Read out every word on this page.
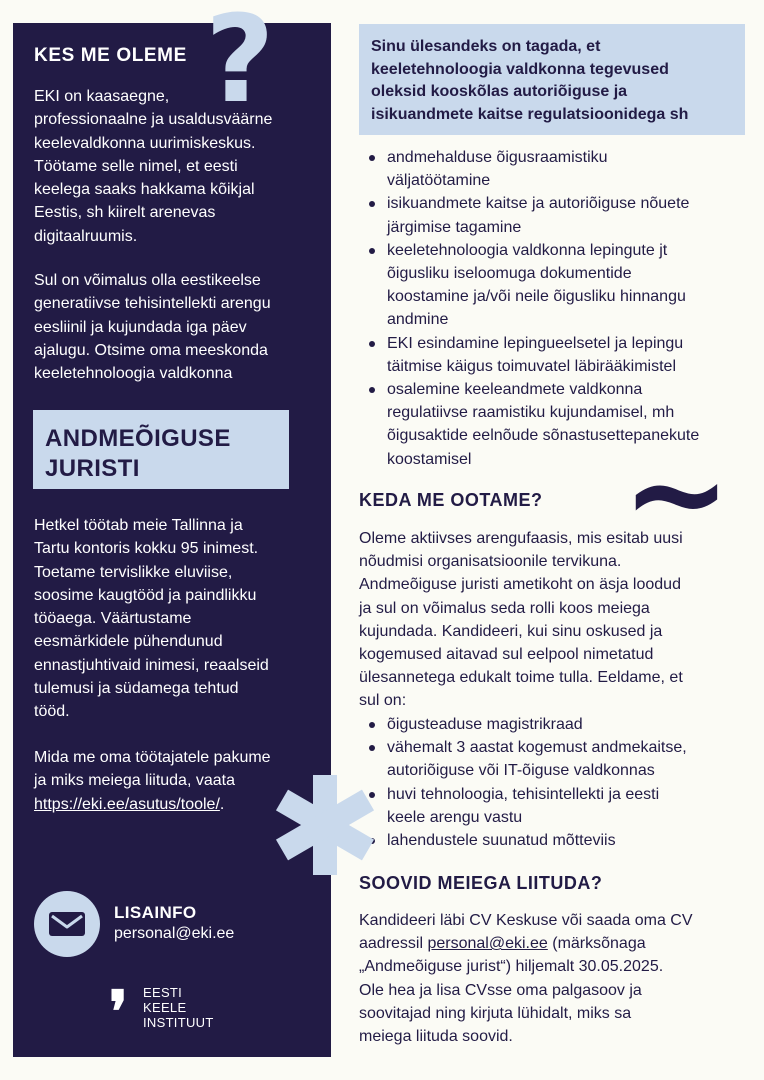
?
KES ME OLEME
EKI on kaasaegne,
professionaalne ja usaldusväärne
keelevaldkonna uurimiskeskus.
Töötame selle nimel, et eesti
keelega saaks hakkama kõikjal
Eestis, sh kiirelt arenevas
digitaalruumis.
Sul on võimalus olla eestikeelse
generatiivse tehisintellekti arengu
eesliinil ja kujundada iga päev
ajalugu. Otsime oma meeskonda
keeletehnoloogia valdkonna
ANDMEÕIGUSE
JURISTI
Hetkel töötab meie Tallinna ja
Tartu kontoris kokku 95 inimest.
Toetame tervislikke eluviise,
soosime kaugtööd ja paindlikku
tööaega. Väärtustame
eesmärkidele pühendunud
ennastjuhtivaid inimesi, reaalseid
tulemusi ja südamega tehtud
tööd.
Mida me oma töötajatele pakume
ja miks meiega liituda, vaata
https://eki.ee/asutus/toole/.
LISAINFO
personal@eki.ee
❜ EESTI
KEELE
INSTITUUT
Sinu ülesandeks on tagada, et
keeletehnoloogia valdkonna tegevused
oleksid kooskõlas autoriõiguse ja
isikuandmete kaitse regulatsioonidega sh
andmehalduse õigusraamistiku
väljatöötamine
isikuandmete kaitse ja autoriõiguse nõuete
järgimise tagamine
keeletehnoloogia valdkonna lepingute jt
õigusliku iseloomuga dokumentide
koostamine ja/või neile õigusliku hinnangu
andmine
EKI esindamine lepingueelsetel ja lepingu
täitmise käigus toimuvatel läbirääkimistel
osalemine keeleandmete valdkonna
regulatiivse raamistiku kujundamisel, mh
õigusaktide eelnõude sõnastusettepanekute
koostamisel	~
KEDA ME OOTAME?
Oleme aktiivses arengufaasis, mis esitab uusi
nõudmisi organisatsioonile tervikuna.
Andmeõiguse juristi ametikoht on äsja loodud
ja sul on võimalus seda rolli koos meiega
kujundada. Kandideeri, kui sinu oskused ja
kogemused aitavad sul eelpool nimetatud
ülesannetega edukalt toime tulla. Eeldame, et
sul on:
õigusteaduse magistrikraad
vähemalt 3 aastat kogemust andmekaitse,
autoriõiguse või IT-õiguse valdkonnas
huvi tehnoloogia, tehisintellekti ja eesti
keele arengu vastu
lahendustele suunatud mõtteviis
SOOVID MEIEGA LIITUDA?
Kandideeri läbi CV Keskuse või saada oma CV
aadressil personal@eki.ee (märksõnaga
„Andmeõiguse jurist“) hiljemalt 30.05.2025.
Ole hea ja lisa CVsse oma palgasoov ja
soovitajad ning kirjuta lühidalt, miks sa
meiega liituda soovid.
